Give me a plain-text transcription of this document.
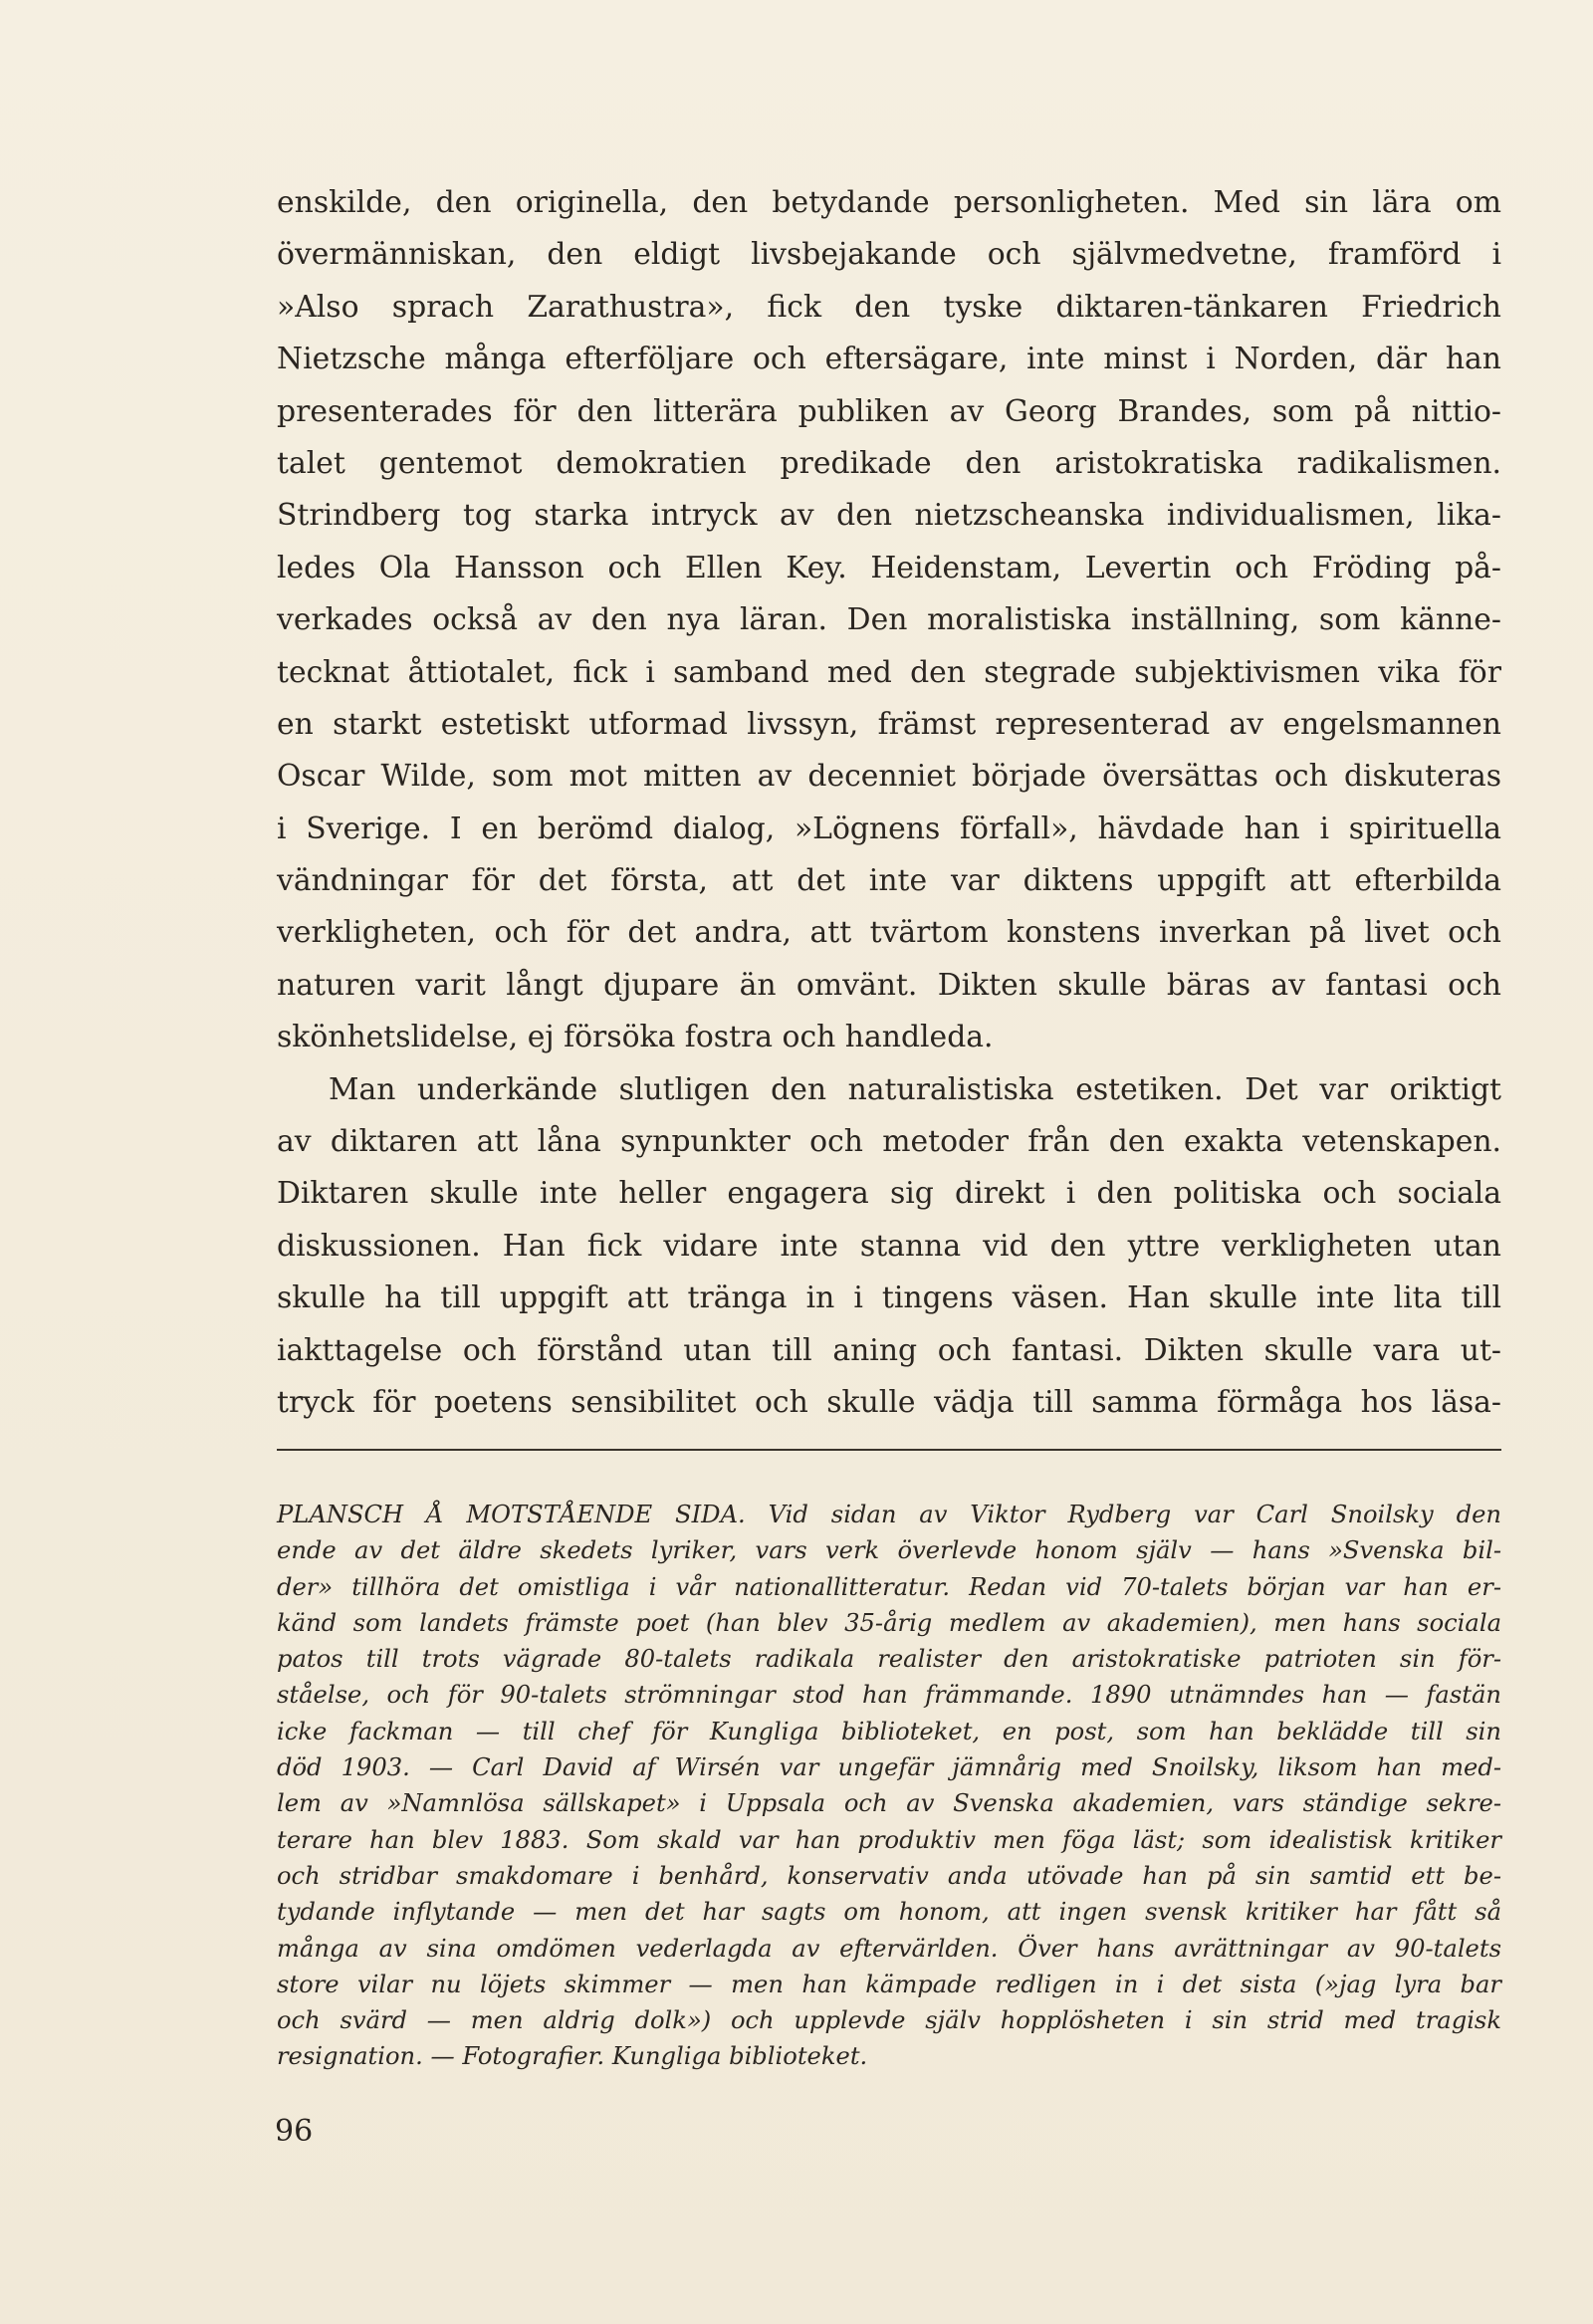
enskilde, den originella, den betydande personligheten. Med sin lära om
övermänniskan, den eldigt livsbejakande och självmedvetne, framförd i
»Also sprach Zarathustra», fick den tyske diktaren-tänkaren Friedrich
Nietzsche många efterföljare och eftersägare, inte minst i Norden, där han
presenterades för den litterära publiken av Georg Brandes, som på nittio-
talet gentemot demokratien predikade den aristokratiska radikalismen.
Strindberg tog starka intryck av den nietzscheanska individualismen, lika-
ledes Ola Hansson och Ellen Key. Heidenstam, Levertin och Fröding på-
verkades också av den nya läran. Den moralistiska inställning, som känne-
tecknat åttiotalet, fick i samband med den stegrade subjektivismen vika för
en starkt estetiskt utformad livssyn, främst representerad av engelsmannen
Oscar Wilde, som mot mitten av decenniet började översättas och diskuteras
i Sverige. I en berömd dialog, »Lögnens förfall», hävdade han i spirituella
vändningar för det första, att det inte var diktens uppgift att efterbilda
verkligheten, och för det andra, att tvärtom konstens inverkan på livet och
naturen varit långt djupare än omvänt. Dikten skulle bäras av fantasi och
skönhetslidelse, ej försöka fostra och handleda.
Man underkände slutligen den naturalistiska estetiken. Det var oriktigt
av diktaren att låna synpunkter och metoder från den exakta vetenskapen.
Diktaren skulle inte heller engagera sig direkt i den politiska och sociala
diskussionen. Han fick vidare inte stanna vid den yttre verkligheten utan
skulle ha till uppgift att tränga in i tingens väsen. Han skulle inte lita till
iakttagelse och förstånd utan till aning och fantasi. Dikten skulle vara ut-
tryck för poetens sensibilitet och skulle vädja till samma förmåga hos läsa-
PLANSCH Å MOTSTÅENDE SIDA. Vid sidan av Viktor Rydberg var Carl Snoilsky den
ende av det äldre skedets lyriker, vars verk överlevde honom själv — hans »Svenska bil-
der» tillhöra det omistliga i vår nationallitteratur. Redan vid 70-talets början var han er-
känd som landets främste poet (han blev 35-årig medlem av akademien), men hans sociala
patos till trots vägrade 80-talets radikala realister den aristokratiske patrioten sin för-
ståelse, och för 90-talets strömningar stod han främmande. 1890 utnämndes han — fastän
icke fackman — till chef för Kungliga biblioteket, en post, som han beklädde till sin
död 1903. — Carl David af Wirsén var ungefär jämnårig med Snoilsky, liksom han med-
lem av »Namnlösa sällskapet» i Uppsala och av Svenska akademien, vars ständige sekre-
terare han blev 1883. Som skald var han produktiv men föga läst; som idealistisk kritiker
och stridbar smakdomare i benhård, konservativ anda utövade han på sin samtid ett be-
tydande inflytande — men det har sagts om honom, att ingen svensk kritiker har fått så
många av sina omdömen vederlagda av eftervärlden. Över hans avrättningar av 90-talets
store vilar nu löjets skimmer — men han kämpade redligen in i det sista (»jag lyra bar
och svärd — men aldrig dolk») och upplevde själv hopplösheten i sin strid med tragisk
resignation. — Fotografier. Kungliga biblioteket.
96
